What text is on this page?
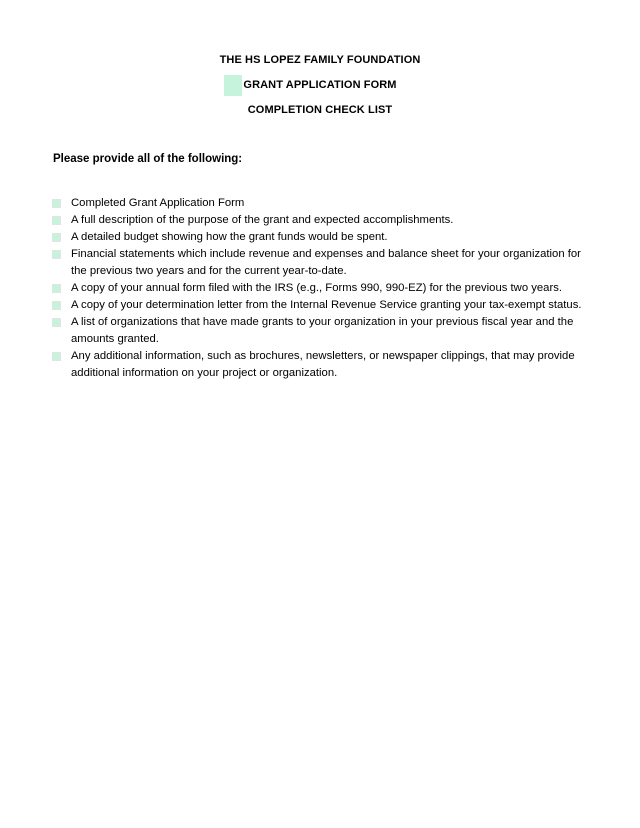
THE HS LOPEZ FAMILY FOUNDATION
GRANT APPLICATION FORM
COMPLETION CHECK LIST
Please provide all of the following:
Completed Grant Application Form
A full description of the purpose of the grant and expected accomplishments.
A detailed budget showing how the grant funds would be spent.
Financial statements which include revenue and expenses and balance sheet for your organization for the previous two years and for the current year-to-date.
A copy of your annual form filed with the IRS (e.g., Forms 990, 990-EZ) for the previous two years.
A copy of your determination letter from the Internal Revenue Service granting your tax-exempt status.
A list of organizations that have made grants to your organization in your previous fiscal year and the amounts granted.
Any additional information, such as brochures, newsletters, or newspaper clippings, that may provide additional information on your project or organization.
